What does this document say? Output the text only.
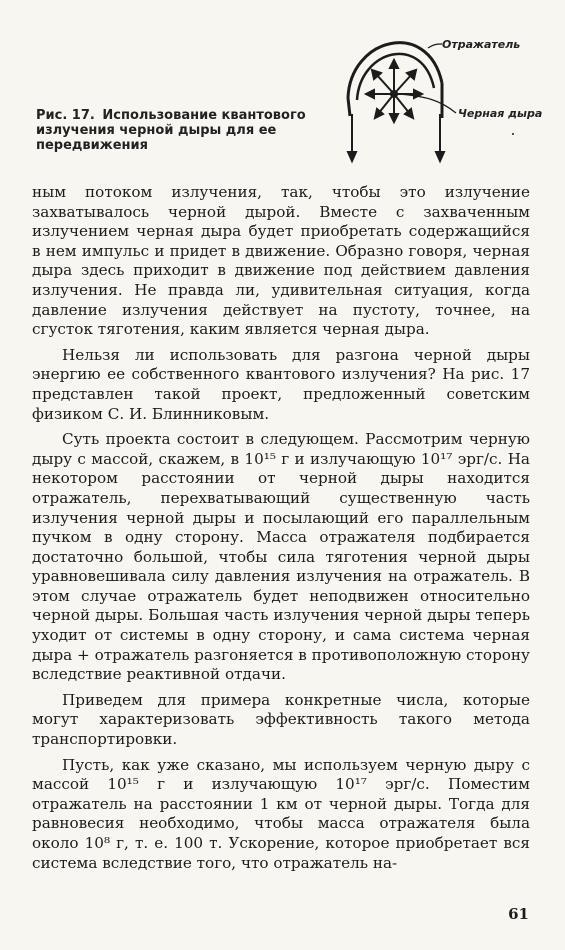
Рис. 17. Использование квантового излучения черной дыры для ее передвижения
Отражатель
Черная дыра

ным потоком излучения, так, чтобы это излучение захватывалось черной дырой. Вместе с захваченным излучением черная дыра будет приобретать содержащийся в нем импульс и придет в движение. Образно говоря, черная дыра здесь приходит в движение под действием давления излучения. Не правда ли, удивительная ситуация, когда давление излучения действует на пустоту, точнее, на сгусток тяготения, каким является черная дыра.

Нельзя ли использовать для разгона черной дыры энергию ее собственного квантового излучения? На рис. 17 представлен такой проект, предложенный советским физиком С. И. Блинниковым.

Суть проекта состоит в следующем. Рассмотрим черную дыру с массой, скажем, в 10¹⁵ г и излучающую 10¹⁷ эрг/с. На некотором расстоянии от черной дыры находится отражатель, перехватывающий существенную часть излучения черной дыры и посылающий его параллельным пучком в одну сторону. Масса отражателя подбирается достаточно большой, чтобы сила тяготения черной дыры уравновешивала силу давления излучения на отражатель. В этом случае отражатель будет неподвижен относительно черной дыры. Большая часть излучения черной дыры теперь уходит от системы в одну сторону, и сама система черная дыра + отражатель разгоняется в противоположную сторону вследствие реактивной отдачи.

Приведем для примера конкретные числа, которые могут характеризовать эффективность такого метода транспортировки.

Пусть, как уже сказано, мы используем черную дыру с массой 10¹⁵ г и излучающую 10¹⁷ эрг/с. Поместим отражатель на расстоянии 1 км от черной дыры. Тогда для равновесия необходимо, чтобы масса отражателя была около 10⁸ г, т. е. 100 т. Ускорение, которое приобретает вся система вследствие того, что отражатель на-

61
